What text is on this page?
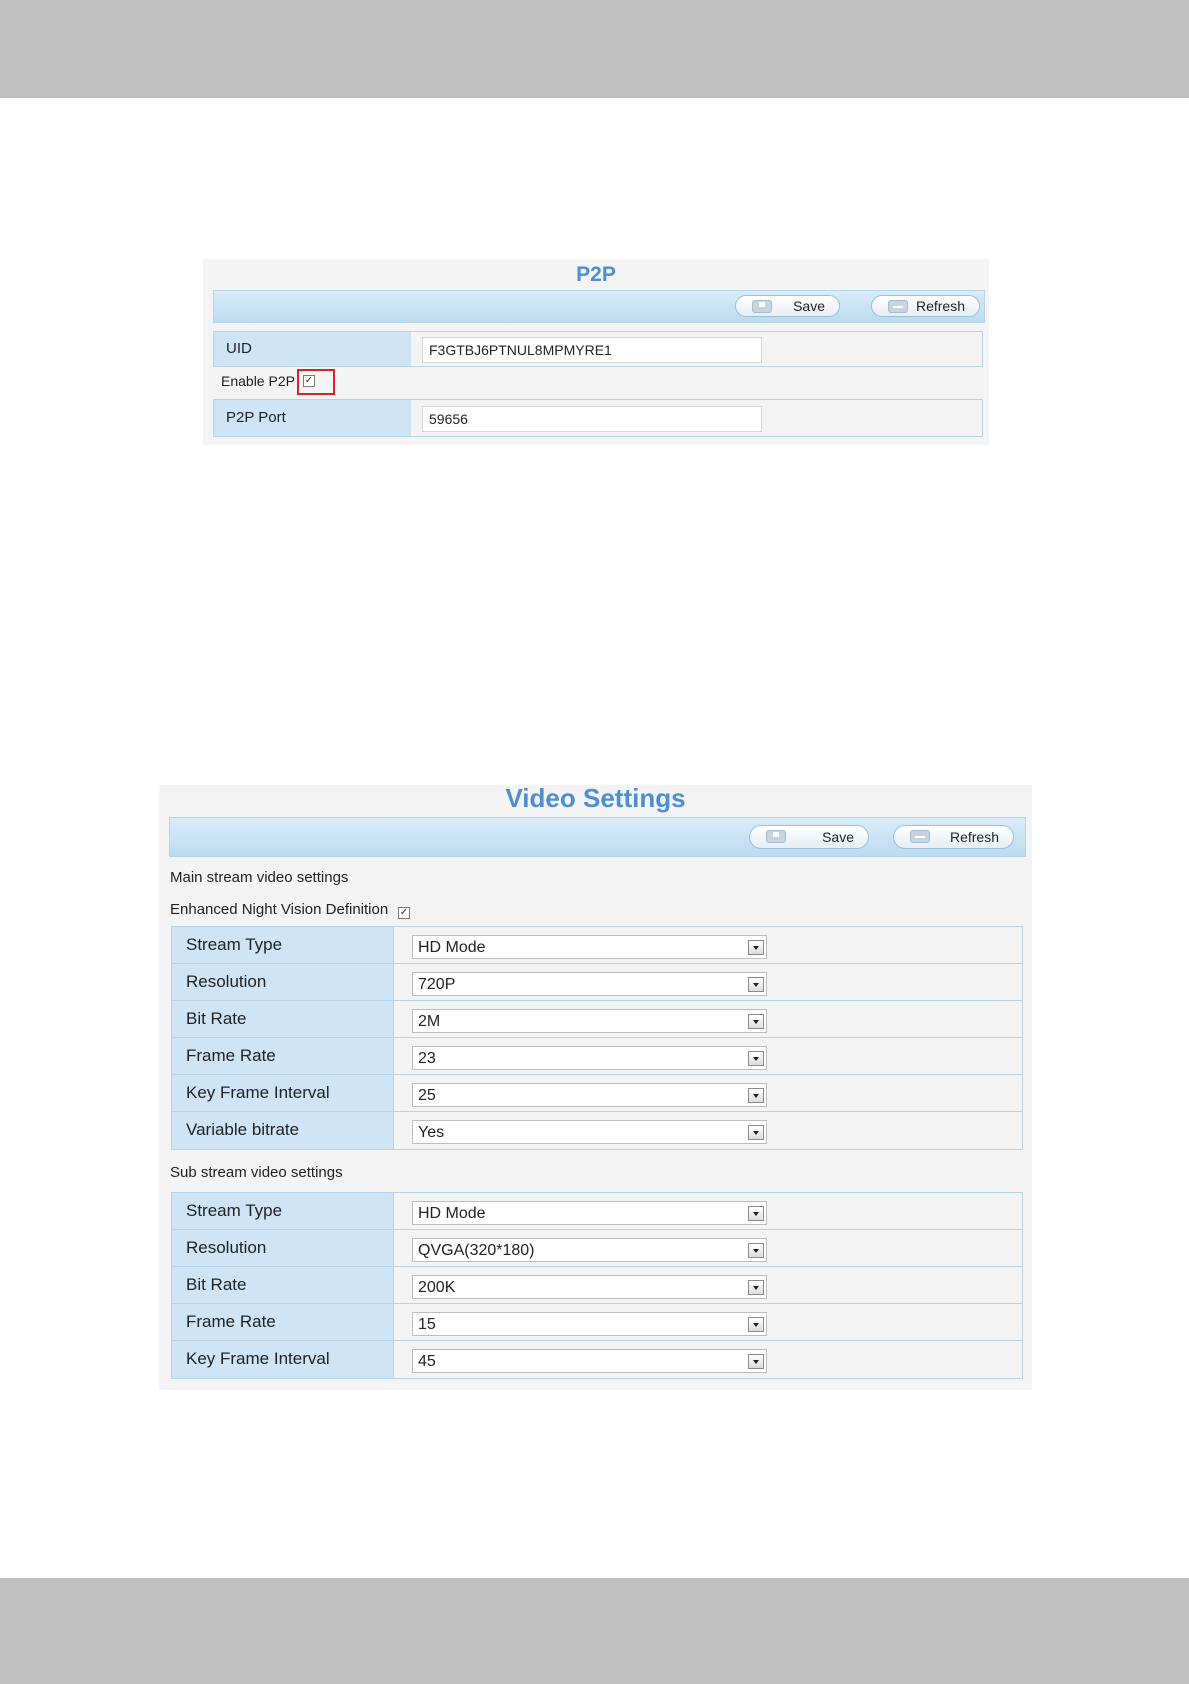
P2P
Save	Refresh
UID	F3GTBJ6PTNUL8MPMYRE1
Enable P2P ✓
P2P Port	59656
Video Settings
Save	Refresh
Main stream video settings
Enhanced Night Vision Definition ✓
Stream Type	HD Mode
Resolution	720P
Bit Rate	2M
Frame Rate	23
Key Frame Interval	25
Variable bitrate	Yes
Sub stream video settings
Stream Type	HD Mode
Resolution	QVGA(320*180)
Bit Rate	200K
Frame Rate	15
Key Frame Interval	45
